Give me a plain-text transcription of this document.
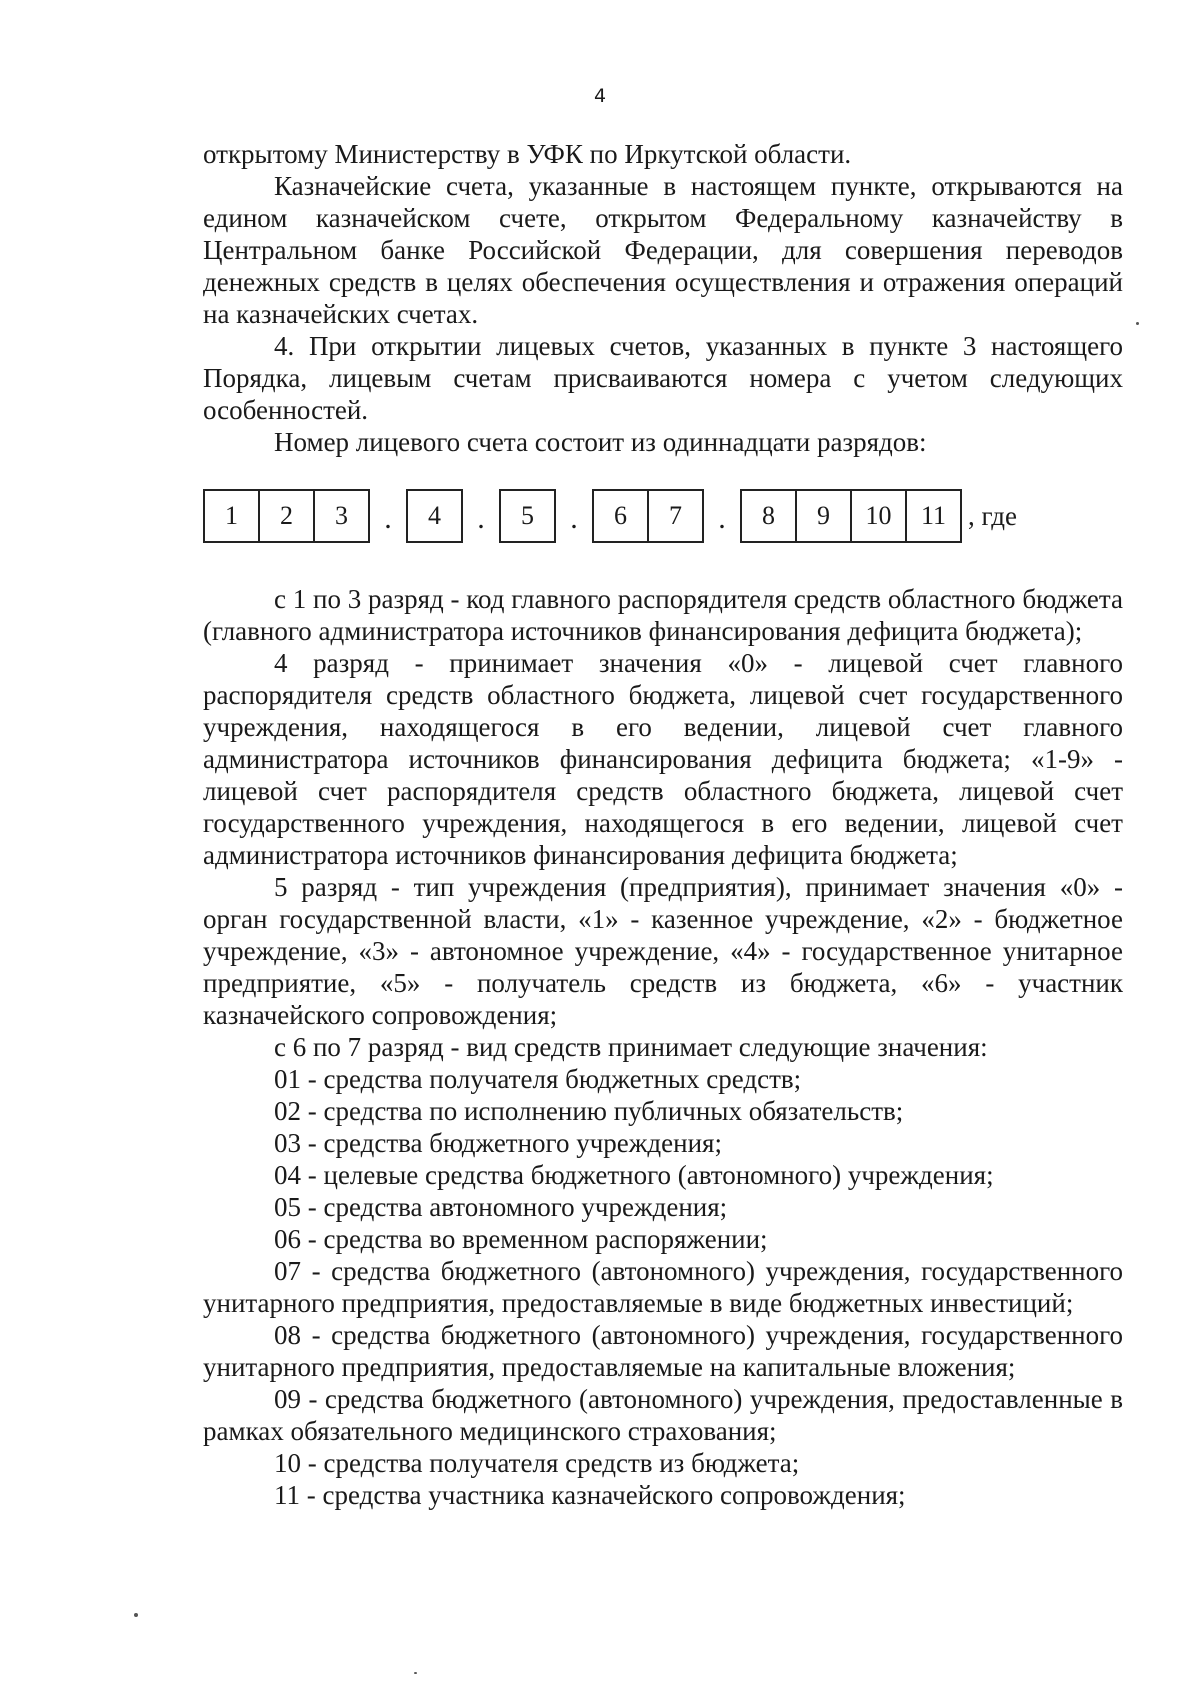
4

открытому Министерству в УФК по Иркутской области.

Казначейские счета, указанные в настоящем пункте, открываются на едином казначейском счете, открытом Федеральному казначейству в Центральном банке Российской Федерации, для совершения переводов денежных средств в целях обеспечения осуществления и отражения операций на казначейских счетах.

4. При открытии лицевых счетов, указанных в пункте 3 настоящего Порядка, лицевым счетам присваиваются номера с учетом следующих особенностей.

Номер лицевого счета состоит из одиннадцати разрядов:

1	2	3	.	4	.	5	.	6	7	.	8	9	10	11 , где

с 1 по 3 разряд - код главного распорядителя средств областного бюджета (главного администратора источников финансирования дефицита бюджета);

4 разряд - принимает значения «0» - лицевой счет главного распорядителя средств областного бюджета, лицевой счет государственного учреждения, находящегося в его ведении, лицевой счет главного администратора источников финансирования дефицита бюджета; «1-9» - лицевой счет распорядителя средств областного бюджета, лицевой счет государственного учреждения, находящегося в его ведении, лицевой счет администратора источников финансирования дефицита бюджета;

5 разряд - тип учреждения (предприятия), принимает значения «0» - орган государственной власти, «1» - казенное учреждение, «2» - бюджетное учреждение, «3» - автономное учреждение, «4» - государственное унитарное предприятие, «5» - получатель средств из бюджета, «6» - участник казначейского сопровождения;

с 6 по 7 разряд - вид средств принимает следующие значения:

01 - средства получателя бюджетных средств;

02 - средства по исполнению публичных обязательств;

03 - средства бюджетного учреждения;

04 - целевые средства бюджетного (автономного) учреждения;

05 - средства автономного учреждения;

06 - средства во временном распоряжении;

07 - средства бюджетного (автономного) учреждения, государственного унитарного предприятия, предоставляемые в виде бюджетных инвестиций;

08 - средства бюджетного (автономного) учреждения, государственного унитарного предприятия, предоставляемые на капитальные вложения;

09 - средства бюджетного (автономного) учреждения, предоставленные в рамках обязательного медицинского страхования;

10 - средства получателя средств из бюджета;

11 - средства участника казначейского сопровождения;
